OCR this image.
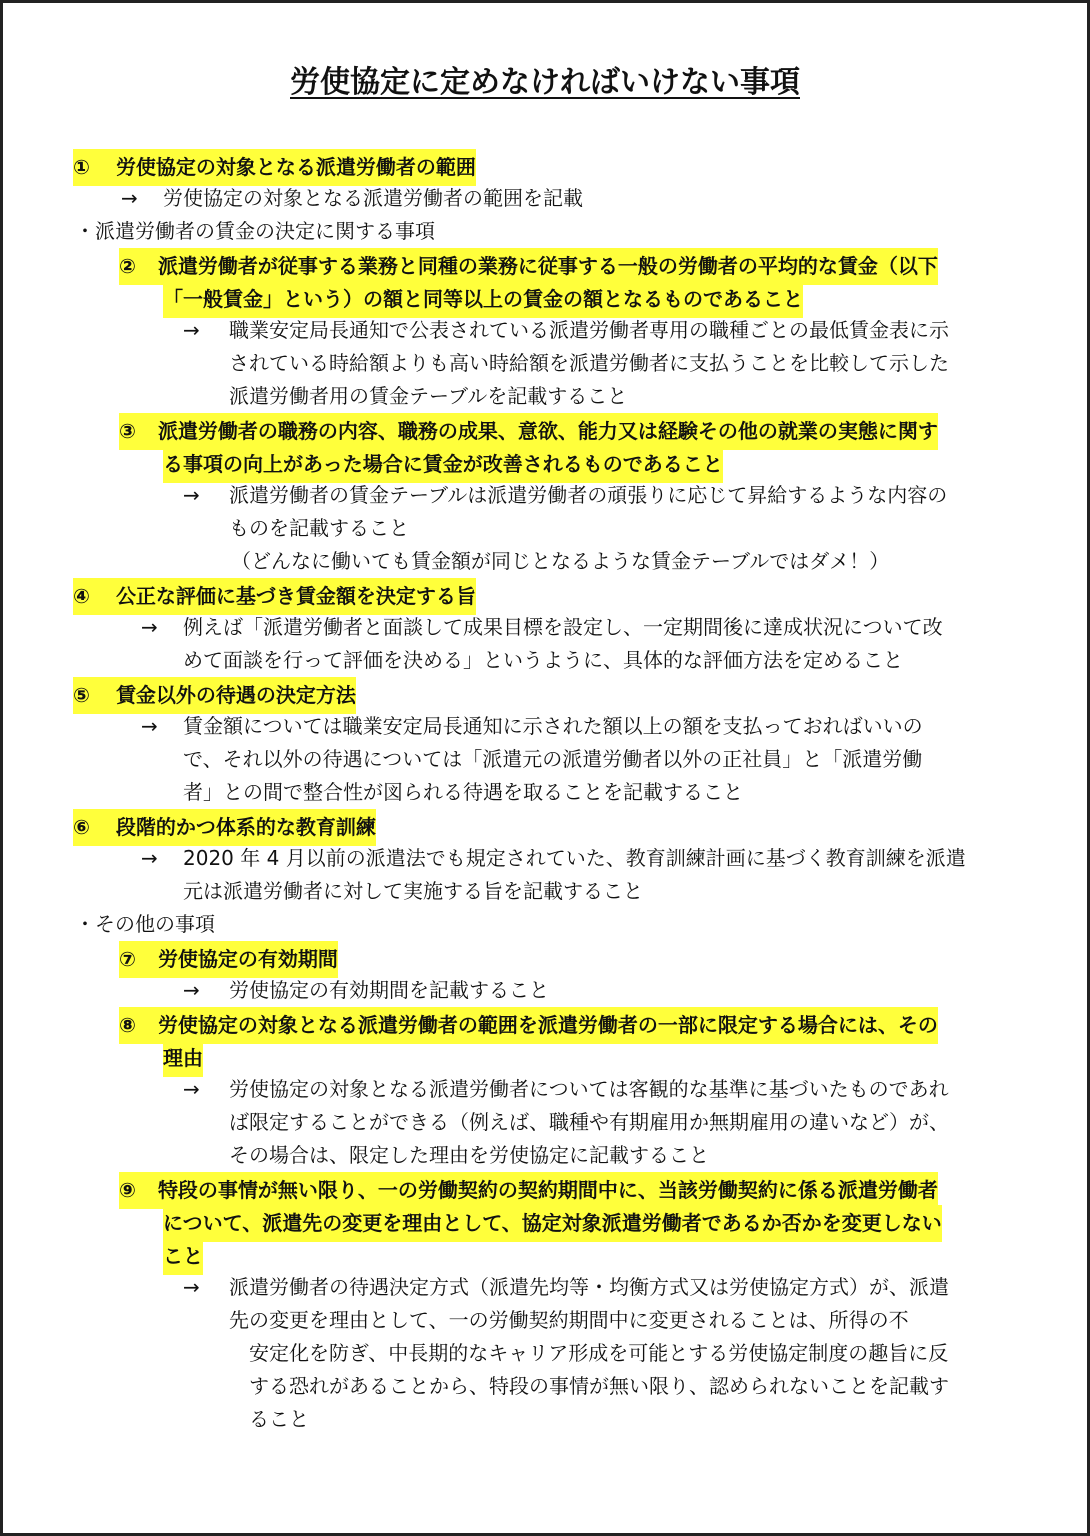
労使協定に定めなければいけない事項
① 労使協定の対象となる派遣労働者の範囲
→ 労使協定の対象となる派遣労働者の範囲を記載
・派遣労働者の賃金の決定に関する事項
② 派遣労働者が従事する業務と同種の業務に従事する一般の労働者の平均的な賃金（以下
「一般賃金」という）の額と同等以上の賃金の額となるものであること
→ 職業安定局長通知で公表されている派遣労働者専用の職種ごとの最低賃金表に示
されている時給額よりも高い時給額を派遣労働者に支払うことを比較して示した
派遣労働者用の賃金テーブルを記載すること
③ 派遣労働者の職務の内容、職務の成果、意欲、能力又は経験その他の就業の実態に関す
る事項の向上があった場合に賃金が改善されるものであること
→ 派遣労働者の賃金テーブルは派遣労働者の頑張りに応じて昇給するような内容の
ものを記載すること
（どんなに働いても賃金額が同じとなるような賃金テーブルではダメ！）
④ 公正な評価に基づき賃金額を決定する旨
→ 例えば「派遣労働者と面談して成果目標を設定し、一定期間後に達成状況について改
めて面談を行って評価を決める」というように、具体的な評価方法を定めること
⑤ 賃金以外の待遇の決定方法
→ 賃金額については職業安定局長通知に示された額以上の額を支払っておればいいの
で、それ以外の待遇については「派遣元の派遣労働者以外の正社員」と「派遣労働
者」との間で整合性が図られる待遇を取ることを記載すること
⑥ 段階的かつ体系的な教育訓練
→ 2020 年 4 月以前の派遣法でも規定されていた、教育訓練計画に基づく教育訓練を派遣
元は派遣労働者に対して実施する旨を記載すること
・その他の事項
⑦ 労使協定の有効期間
→ 労使協定の有効期間を記載すること
⑧ 労使協定の対象となる派遣労働者の範囲を派遣労働者の一部に限定する場合には、その
理由
→ 労使協定の対象となる派遣労働者については客観的な基準に基づいたものであれ
ば限定することができる（例えば、職種や有期雇用か無期雇用の違いなど）が、
その場合は、限定した理由を労使協定に記載すること
⑨ 特段の事情が無い限り、一の労働契約の契約期間中に、当該労働契約に係る派遣労働者
について、派遣先の変更を理由として、協定対象派遣労働者であるか否かを変更しない
こと
→ 派遣労働者の待遇決定方式（派遣先均等・均衡方式又は労使協定方式）が、派遣
先の変更を理由として、一の労働契約期間中に変更されることは、所得の不
安定化を防ぎ、中長期的なキャリア形成を可能とする労使協定制度の趣旨に反
する恐れがあることから、特段の事情が無い限り、認められないことを記載す
ること
